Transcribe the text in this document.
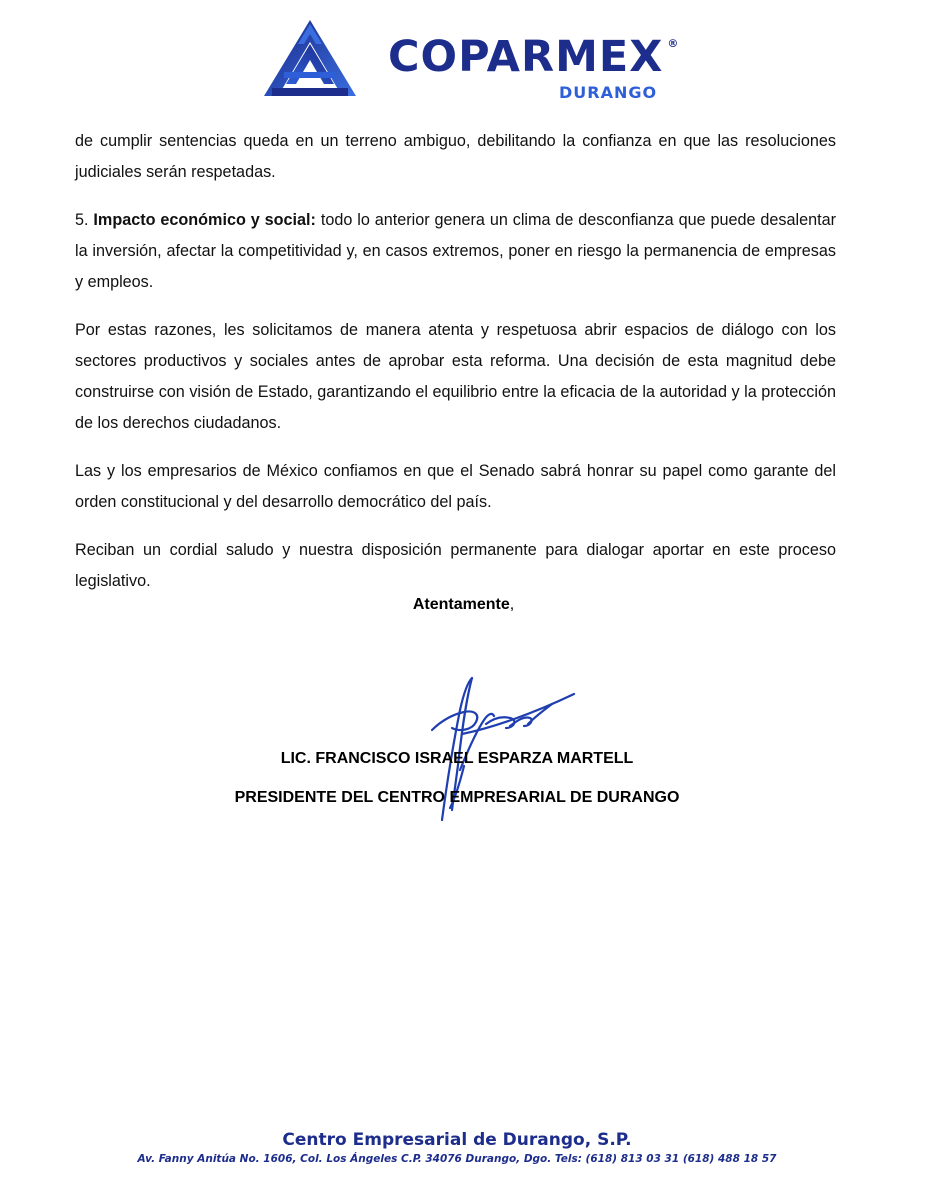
COPARMEX ®
DURANGO

de cumplir sentencias queda en un terreno ambiguo, debilitando la confianza en que las resoluciones judiciales serán respetadas.

5. Impacto económico y social: todo lo anterior genera un clima de desconfianza que puede desalentar la inversión, afectar la competitividad y, en casos extremos, poner en riesgo la permanencia de empresas y empleos.

Por estas razones, les solicitamos de manera atenta y respetuosa abrir espacios de diálogo con los sectores productivos y sociales antes de aprobar esta reforma. Una decisión de esta magnitud debe construirse con visión de Estado, garantizando el equilibrio entre la eficacia de la autoridad y la protección de los derechos ciudadanos.

Las y los empresarios de México confiamos en que el Senado sabrá honrar su papel como garante del orden constitucional y del desarrollo democrático del país.

Reciban un cordial saludo y nuestra disposición permanente para dialogar aportar en este proceso legislativo.

Atentamente,
LIC. FRANCISCO ISRAEL ESPARZA MARTELL
PRESIDENTE DEL CENTRO EMPRESARIAL DE DURANGO
Centro Empresarial de Durango, S.P.
Av. Fanny Anitúa No. 1606, Col. Los Ángeles C.P. 34076 Durango, Dgo. Tels: (618) 813 03 31 (618) 488 18 57
